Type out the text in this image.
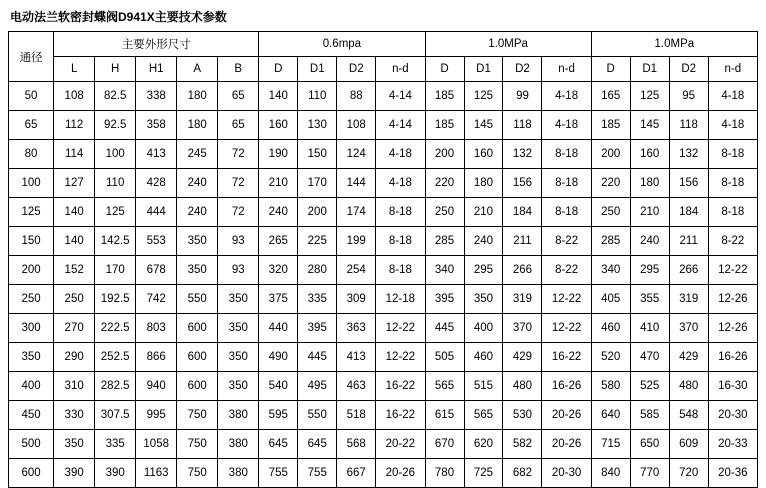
电动法兰软密封蝶阀D941X主要技术参数
通径	主要外形尺寸					0.6mpa				1.0MPa				1.0MPa			
	L	H	H1	A	B	D	D1	D2	n-d	D	D1	D2	n-d	D	D1	D2	n-d
50	108	82.5	338	180	65	140	110	88	4-14	185	125	99	4-18	165	125	95	4-18
65	112	92.5	358	180	65	160	130	108	4-14	185	145	118	4-18	185	145	118	4-18
80	114	100	413	245	72	190	150	124	4-18	200	160	132	8-18	200	160	132	8-18
100	127	110	428	240	72	210	170	144	4-18	220	180	156	8-18	220	180	156	8-18
125	140	125	444	240	72	240	200	174	8-18	250	210	184	8-18	250	210	184	8-18
150	140	142.5	553	350	93	265	225	199	8-18	285	240	211	8-22	285	240	211	8-22
200	152	170	678	350	93	320	280	254	8-18	340	295	266	8-22	340	295	266	12-22
250	250	192.5	742	550	350	375	335	309	12-18	395	350	319	12-22	405	355	319	12-26
300	270	222.5	803	600	350	440	395	363	12-22	445	400	370	12-22	460	410	370	12-26
350	290	252.5	866	600	350	490	445	413	12-22	505	460	429	16-22	520	470	429	16-26
400	310	282.5	940	600	350	540	495	463	16-22	565	515	480	16-26	580	525	480	16-30
450	330	307.5	995	750	380	595	550	518	16-22	615	565	530	20-26	640	585	548	20-30
500	350	335	1058	750	380	645	645	568	20-22	670	620	582	20-26	715	650	609	20-33
600	390	390	1163	750	380	755	755	667	20-26	780	725	682	20-30	840	770	720	20-36
